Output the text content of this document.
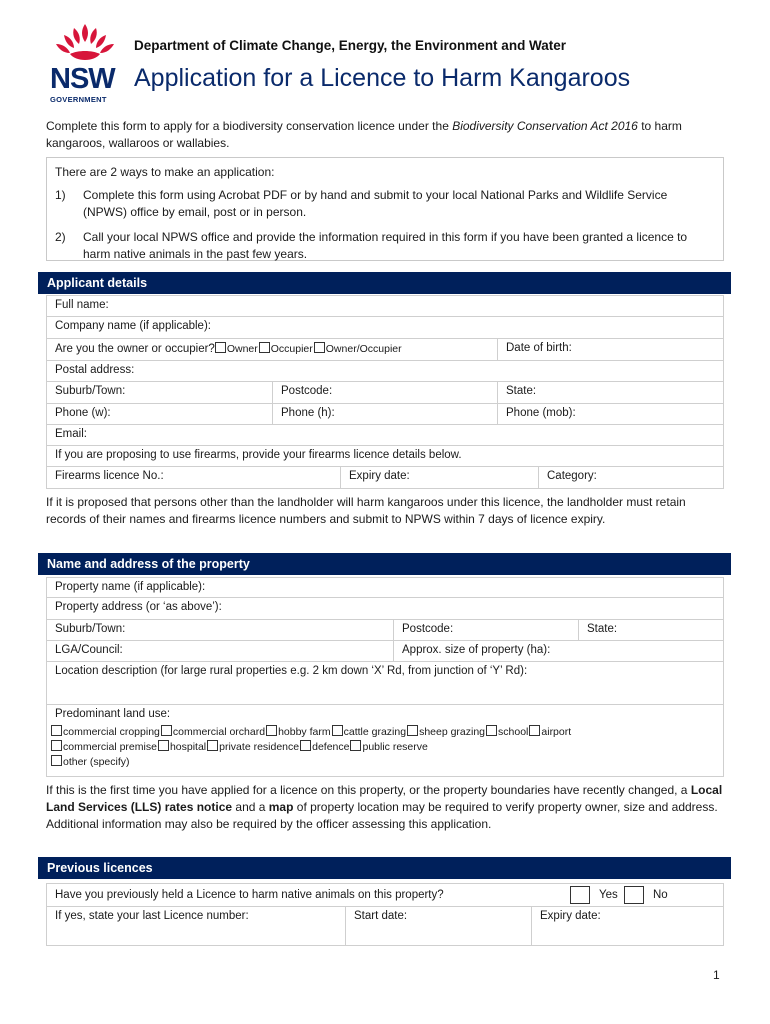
NSW
GOVERNMENT
Department of Climate Change, Energy, the Environment and Water
Application for a Licence to Harm Kangaroos
Complete this form to apply for a biodiversity conservation licence under the Biodiversity Conservation Act 2016 to harm kangaroos, wallaroos or wallabies.
There are 2 ways to make an application:
1) Complete this form using Acrobat PDF or by hand and submit to your local National Parks and Wildlife Service (NPWS) office by email, post or in person.
2) Call your local NPWS office and provide the information required in this form if you have been granted a licence to harm native animals in the past few years.
Applicant details
Full name:
Company name (if applicable):
Are you the owner or occupier? Owner Occupier Owner/Occupier	Date of birth:
Postal address:
Suburb/Town:	Postcode:	State:
Phone (w):	Phone (h):	Phone (mob):
Email:
If you are proposing to use firearms, provide your firearms licence details below.
Firearms licence No.:	Expiry date:	Category:
If it is proposed that persons other than the landholder will harm kangaroos under this licence, the landholder must retain records of their names and firearms licence numbers and submit to NPWS within 7 days of licence expiry.
Name and address of the property
Property name (if applicable):
Property address (or ‘as above’):
Suburb/Town:	Postcode:	State:
LGA/Council:	Approx. size of property (ha):
Location description (for large rural properties e.g. 2 km down ‘X’ Rd, from junction of ‘Y’ Rd):
Predominant land use:
commercial cropping commercial orchard hobby farm cattle grazing sheep grazing school airport
commercial premise hospital private residence defence public reserve
other (specify)
If this is the first time you have applied for a licence on this property, or the property boundaries have recently changed, a Local Land Services (LLS) rates notice and a map of property location may be required to verify property owner, size and address. Additional information may also be required by the officer assessing this application.
Previous licences
Have you previously held a Licence to harm native animals on this property?	Yes	No
If yes, state your last Licence number:	Start date:	Expiry date:
1
